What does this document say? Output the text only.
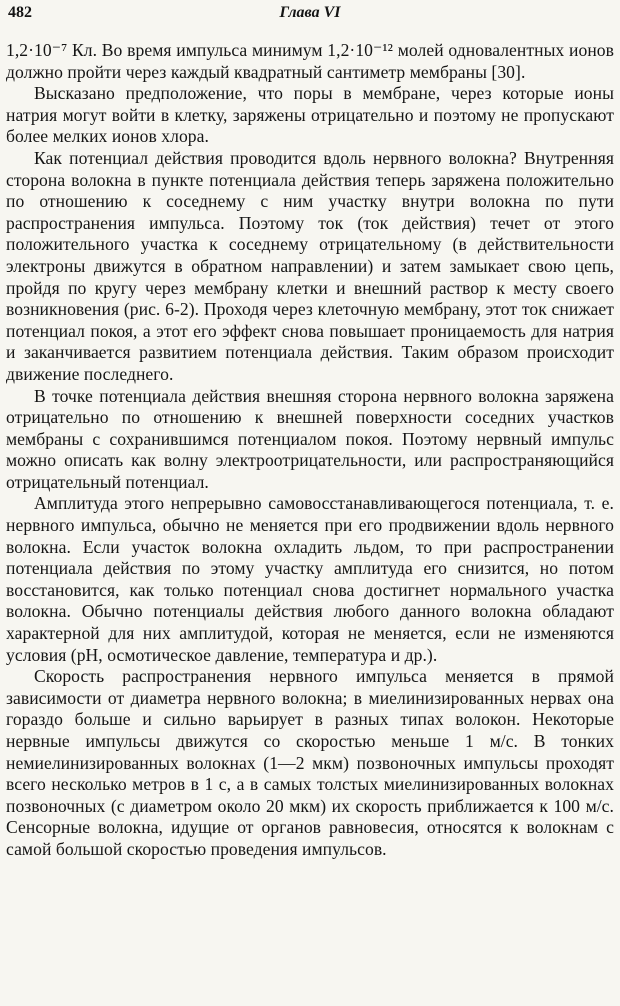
482	Глава VI

1,2·10⁻⁷ Кл. Во время импульса минимум 1,2·10⁻¹² молей одновалентных ионов должно пройти через каждый квадратный сантиметр мембраны [30].

Высказано предположение, что поры в мембране, через которые ионы натрия могут войти в клетку, заряжены отрицательно и поэтому не пропускают более мелких ионов хлора.

Как потенциал действия проводится вдоль нервного волокна? Внутренняя сторона волокна в пункте потенциала действия теперь заряжена положительно по отношению к соседнему с ним участку внутри волокна по пути распространения импульса. Поэтому ток (ток действия) течет от этого положительного участка к соседнему отрицательному (в действительности электроны движутся в обратном направлении) и затем замыкает свою цепь, пройдя по кругу через мембрану клетки и внешний раствор к месту своего возникновения (рис. 6-2). Проходя через клеточную мембрану, этот ток снижает потенциал покоя, а этот его эффект снова повышает проницаемость для натрия и заканчивается развитием потенциала действия. Таким образом происходит движение последнего.

В точке потенциала действия внешняя сторона нервного волокна заряжена отрицательно по отношению к внешней поверхности соседних участков мембраны с сохранившимся потенциалом покоя. Поэтому нервный импульс можно описать как волну электроотрицательности, или распространяющийся отрицательный потенциал.

Амплитуда этого непрерывно самовосстанавливающегося потенциала, т. е. нервного импульса, обычно не меняется при его продвижении вдоль нервного волокна. Если участок волокна охладить льдом, то при распространении потенциала действия по этому участку амплитуда его снизится, но потом восстановится, как только потенциал снова достигнет нормального участка волокна. Обычно потенциалы действия любого данного волокна обладают характерной для них амплитудой, которая не меняется, если не изменяются условия (pH, осмотическое давление, температура и др.).

Скорость распространения нервного импульса меняется в прямой зависимости от диаметра нервного волокна; в миелинизированных нервах она гораздо больше и сильно варьирует в разных типах волокон. Некоторые нервные импульсы движутся со скоростью меньше 1 м/с. В тонких немиелинизированных волокнах (1—2 мкм) позвоночных импульсы проходят всего несколько метров в 1 с, а в самых толстых миелинизированных волокнах позвоночных (с диаметром около 20 мкм) их скорость приближается к 100 м/с. Сенсорные волокна, идущие от органов равновесия, относятся к волокнам с самой большой скоростью проведения импульсов.
